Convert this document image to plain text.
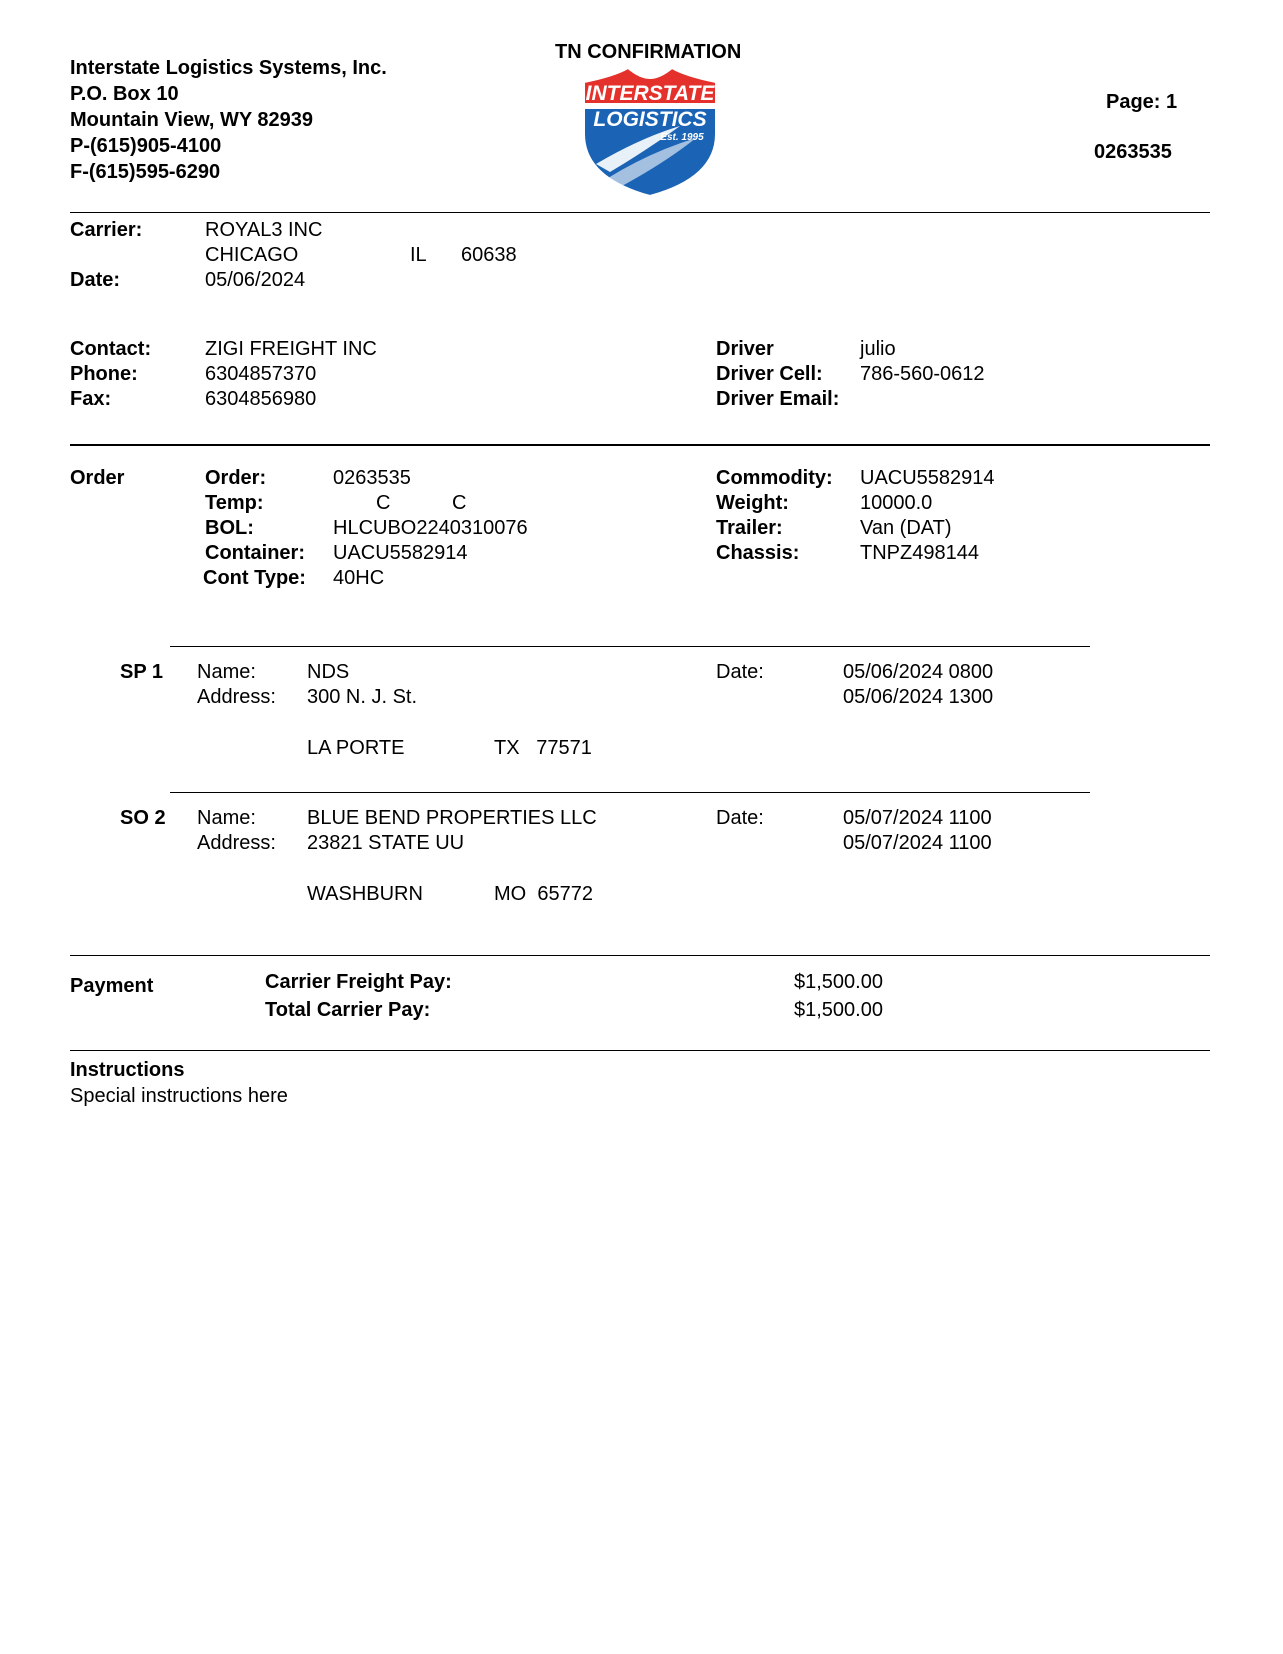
Interstate Logistics Systems, Inc.
P.O. Box 10
Mountain View, WY 82939
P-(615)905-4100
F-(615)595-6290
TN CONFIRMATION
INTERSTATE
LOGISTICS
Est. 1995
Page: 1
0263535
Carrier:	ROYAL3 INC
CHICAGO	IL 60638
Date:	05/06/2024
Contact:	ZIGI FREIGHT INC
Phone:	6304857370
Fax:	6304856980
Driver	julio
Driver Cell: 786-560-0612
Driver Email:
Order	Order:	0263535
Temp:	C	C
BOL:	HLCUBO2240310076
Container: UACU5582914
Cont Type: 40HC
Commodity: UACU5582914
Weight:	10000.0
Trailer:	Van (DAT)
Chassis:	TNPZ498144
SP 1 Name:	NDS
Address: 300 N. J. St.
LA PORTE	TX   77571
Date:	05/06/2024 0800
05/06/2024 1300
SO 2 Name:	BLUE BEND PROPERTIES LLC
Address: 23821 STATE UU
WASHBURN	MO  65772
Date:	05/07/2024 1100
05/07/2024 1100
Payment	Carrier Freight Pay:	$1,500.00
Total Carrier Pay:	$1,500.00
Instructions
Special instructions here
